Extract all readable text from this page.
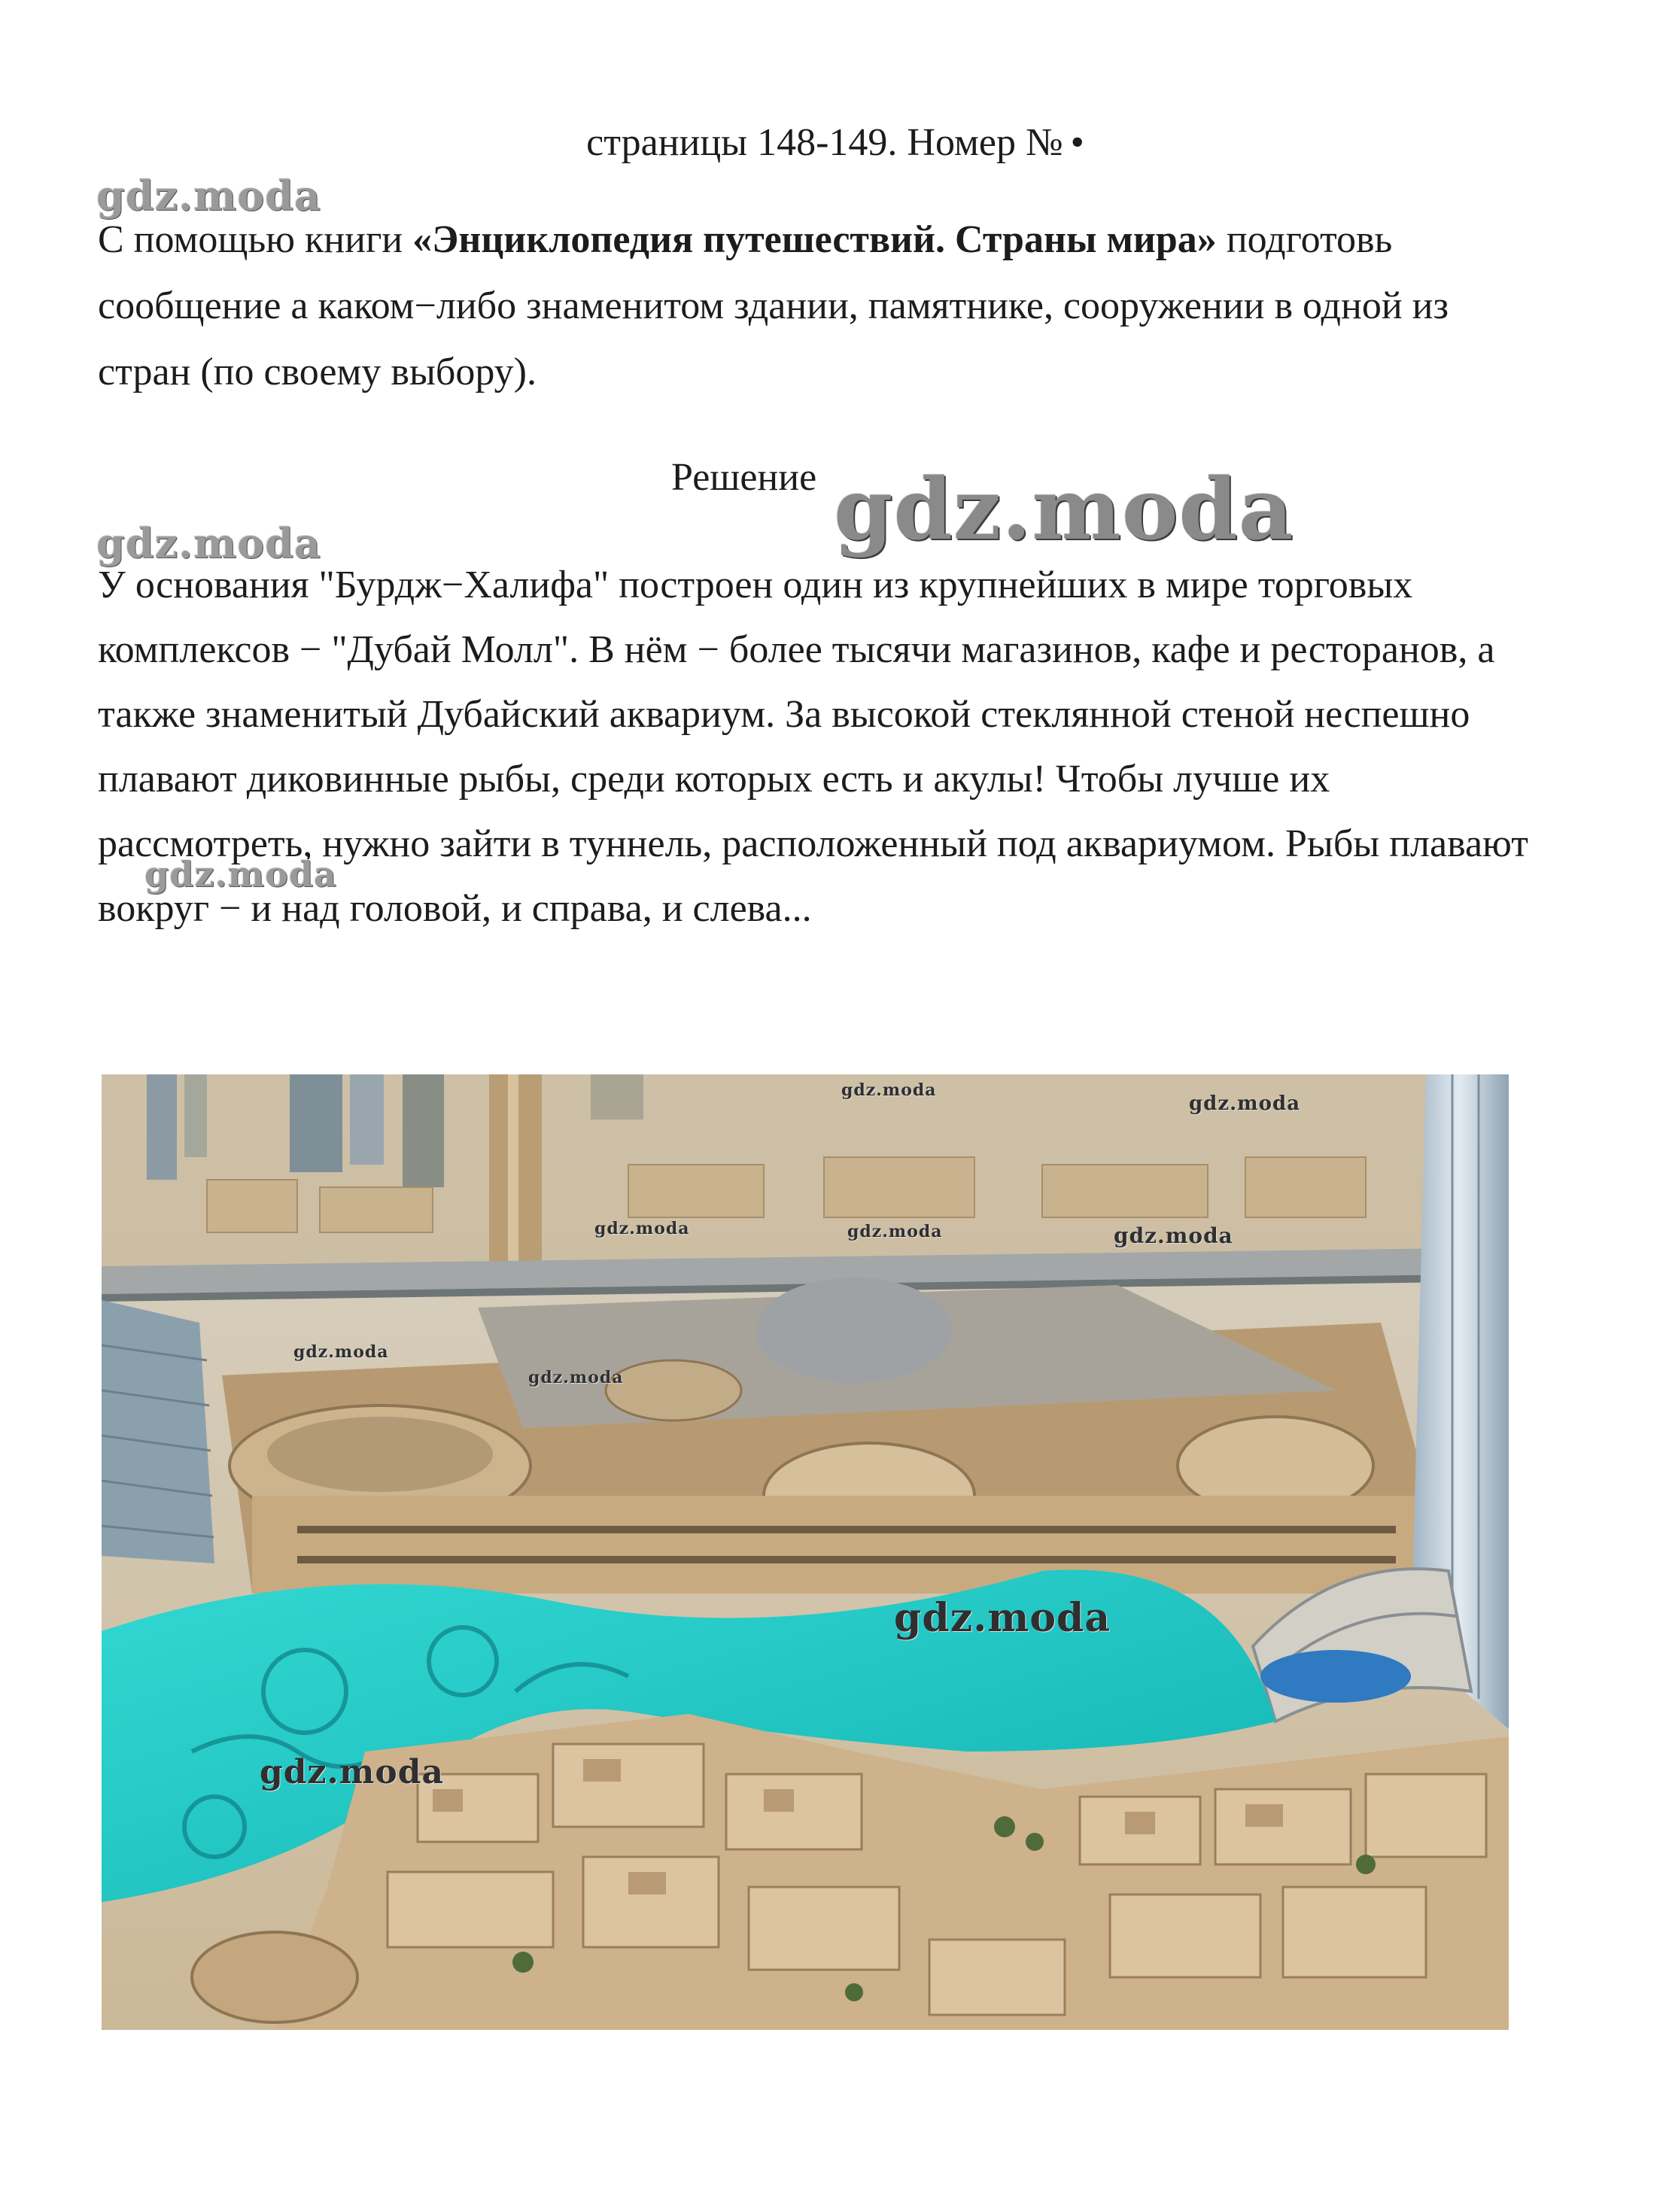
страницы 148-149. Номер № •
gdz.moda
С помощью книги «Энциклопедия путешествий. Страны мира» подготовь сообщение а каком−либо знаменитом здании, памятнике, сооружении в одной из стран (по своему выбору).
Решение gdz.moda
gdz.moda
У основания "Бурдж−Халифа" построен один из крупнейших в мире торговых комплексов − "Дубай Молл". В нём − более тысячи магазинов, кафе и ресторанов, а также знаменитый Дубайский аквариум. За высокой стеклянной стеной неспешно плавают диковинные рыбы, среди которых есть и акулы! Чтобы лучше их рассмотреть, нужно зайти в туннель, расположенный под аквариумом. Рыбы плавают вокруг − и над головой, и справа, и слева...
gdz.moda
gdz.moda
gdz.moda
gdz.moda	gdz.moda	gdz.moda
gdz.moda
gdz.moda
gdz.moda
gdz.moda
